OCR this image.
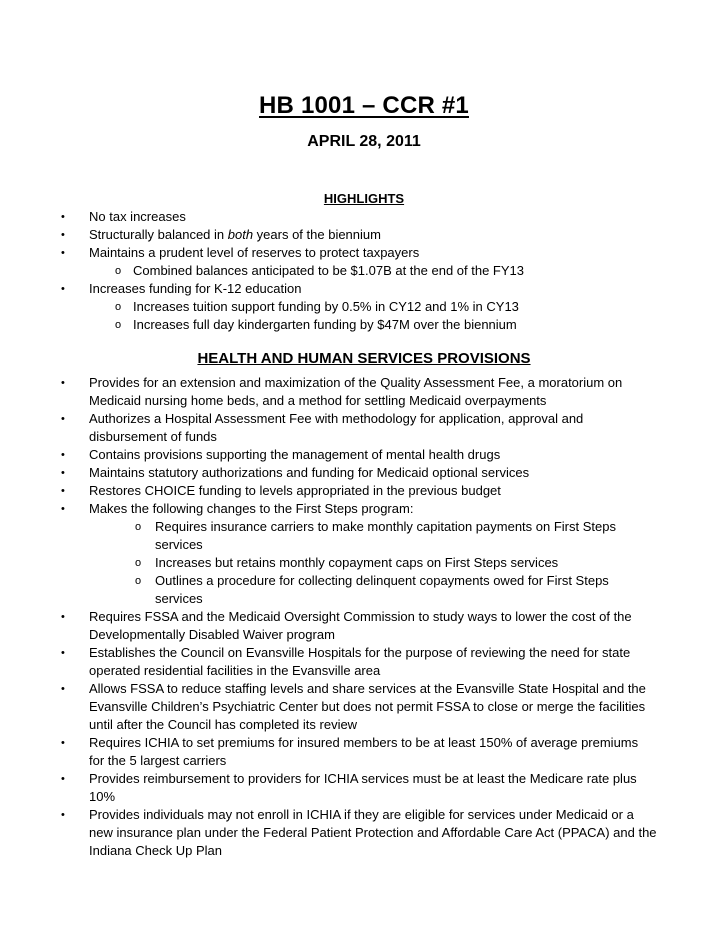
HB 1001 – CCR #1
APRIL 28, 2011
HIGHLIGHTS
• No tax increases
• Structurally balanced in both years of the biennium
• Maintains a prudent level of reserves to protect taxpayers
o Combined balances anticipated to be $1.07B at the end of the FY13
• Increases funding for K-12 education
o Increases tuition support funding by 0.5% in CY12 and 1% in CY13
o Increases full day kindergarten funding by $47M over the biennium
HEALTH AND HUMAN SERVICES PROVISIONS
• Provides for an extension and maximization of the Quality Assessment Fee, a moratorium on
Medicaid nursing home beds, and a method for settling Medicaid overpayments
• Authorizes a Hospital Assessment Fee with methodology for application, approval and
disbursement of funds
• Contains provisions supporting the management of mental health drugs
• Maintains statutory authorizations and funding for Medicaid optional services
• Restores CHOICE funding to levels appropriated in the previous budget
• Makes the following changes to the First Steps program:
o Requires insurance carriers to make monthly capitation payments on First Steps
services
o Increases but retains monthly copayment caps on First Steps services
o Outlines a procedure for collecting delinquent copayments owed for First Steps
services
• Requires FSSA and the Medicaid Oversight Commission to study ways to lower the cost of the
Developmentally Disabled Waiver program
• Establishes the Council on Evansville Hospitals for the purpose of reviewing the need for state
operated residential facilities in the Evansville area
• Allows FSSA to reduce staffing levels and share services at the Evansville State Hospital and the
Evansville Children’s Psychiatric Center but does not permit FSSA to close or merge the facilities
until after the Council has completed its review
• Requires ICHIA to set premiums for insured members to be at least 150% of average premiums
for the 5 largest carriers
• Provides reimbursement to providers for ICHIA services must be at least the Medicare rate plus
10%
• Provides individuals may not enroll in ICHIA if they are eligible for services under Medicaid or a
new insurance plan under the Federal Patient Protection and Affordable Care Act (PPACA) and the
Indiana Check Up Plan
